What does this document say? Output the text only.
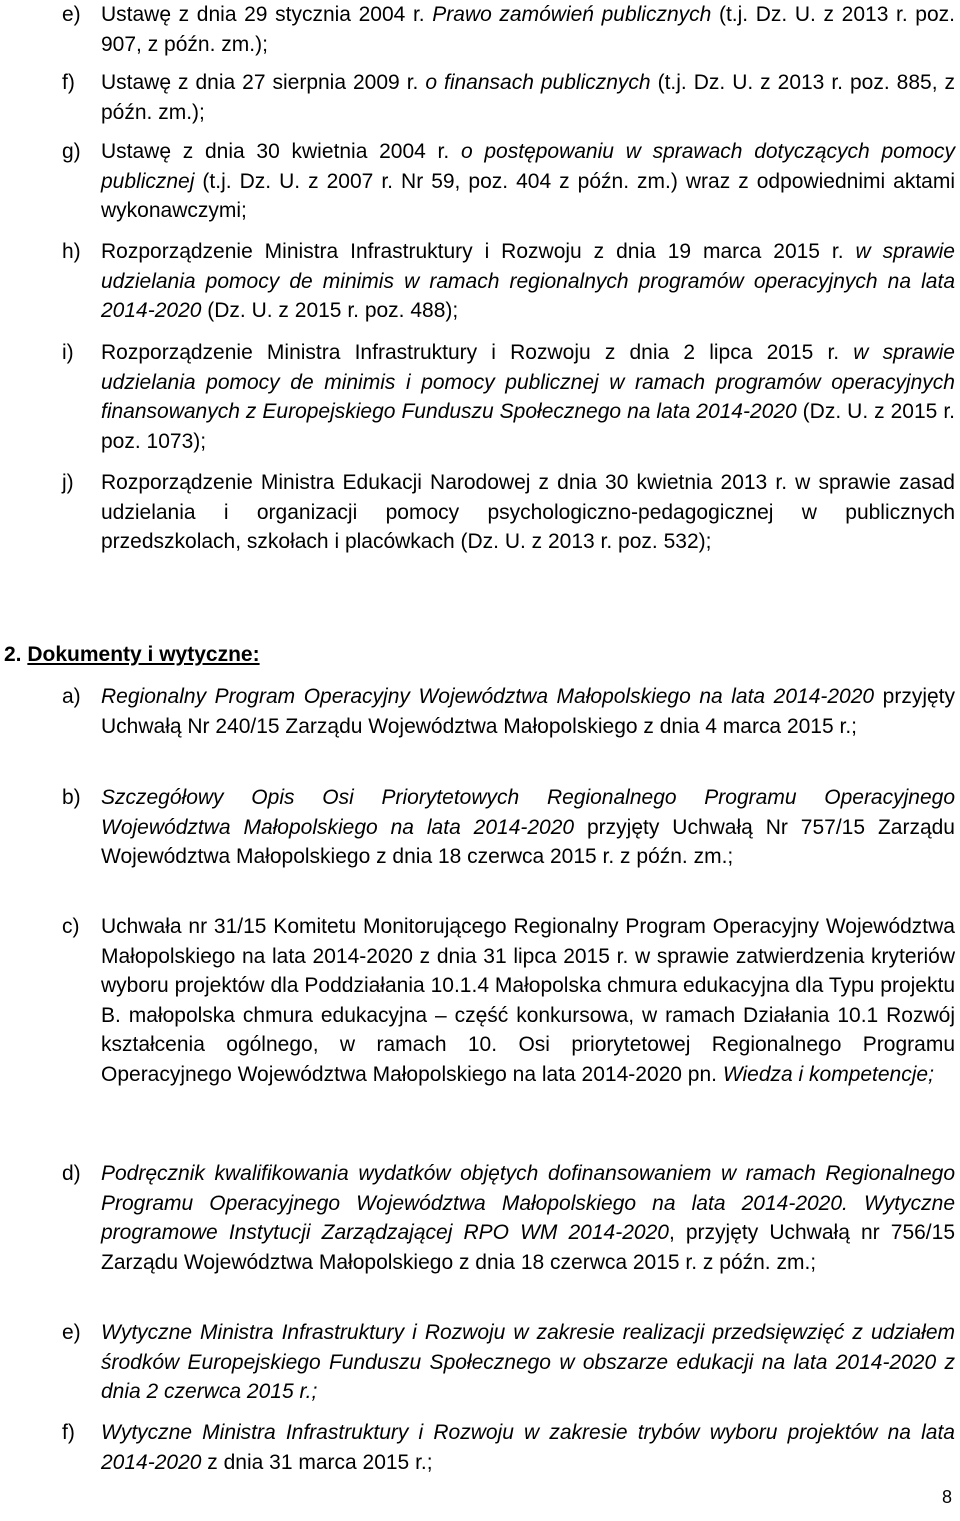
e) Ustawę z dnia 29 stycznia 2004 r. Prawo zamówień publicznych (t.j. Dz. U. z 2013 r. poz. 907, z późn. zm.);
f) Ustawę z dnia 27 sierpnia 2009 r. o finansach publicznych (t.j. Dz. U. z 2013 r. poz. 885, z późn. zm.);
g) Ustawę z dnia 30 kwietnia 2004 r. o postępowaniu w sprawach dotyczących pomocy publicznej (t.j. Dz. U. z 2007 r. Nr 59, poz. 404 z późn. zm.) wraz z odpowiednimi aktami wykonawczymi;
h) Rozporządzenie Ministra Infrastruktury i Rozwoju z dnia 19 marca 2015 r. w sprawie udzielania pomocy de minimis w ramach regionalnych programów operacyjnych na lata 2014-2020 (Dz. U. z 2015 r. poz. 488);
i) Rozporządzenie Ministra Infrastruktury i Rozwoju z dnia 2 lipca 2015 r. w sprawie udzielania pomocy de minimis i pomocy publicznej w ramach programów operacyjnych finansowanych z Europejskiego Funduszu Społecznego na lata 2014-2020 (Dz. U. z 2015 r. poz. 1073);
j) Rozporządzenie Ministra Edukacji Narodowej z dnia 30 kwietnia 2013 r. w sprawie zasad udzielania i organizacji pomocy psychologiczno-pedagogicznej w publicznych przedszkolach, szkołach i placówkach (Dz. U. z 2013 r. poz. 532);
2. Dokumenty i wytyczne:
a) Regionalny Program Operacyjny Województwa Małopolskiego na lata 2014-2020 przyjęty Uchwałą Nr 240/15 Zarządu Województwa Małopolskiego z dnia 4 marca 2015 r.;
b) Szczegółowy Opis Osi Priorytetowych Regionalnego Programu Operacyjnego Województwa Małopolskiego na lata 2014-2020 przyjęty Uchwałą Nr 757/15 Zarządu Województwa Małopolskiego z dnia 18 czerwca 2015 r. z późn. zm.;
c) Uchwała nr 31/15 Komitetu Monitorującego Regionalny Program Operacyjny Województwa Małopolskiego na lata 2014-2020 z dnia 31 lipca 2015 r. w sprawie zatwierdzenia kryteriów wyboru projektów dla Poddziałania 10.1.4 Małopolska chmura edukacyjna dla Typu projektu B. małopolska chmura edukacyjna – część konkursowa, w ramach Działania 10.1 Rozwój kształcenia ogólnego, w ramach 10. Osi priorytetowej Regionalnego Programu Operacyjnego Województwa Małopolskiego na lata 2014-2020 pn. Wiedza i kompetencje;
d) Podręcznik kwalifikowania wydatków objętych dofinansowaniem w ramach Regionalnego Programu Operacyjnego Województwa Małopolskiego na lata 2014-2020. Wytyczne programowe Instytucji Zarządzającej RPO WM 2014-2020, przyjęty Uchwałą nr 756/15 Zarządu Województwa Małopolskiego z dnia 18 czerwca 2015 r. z późn. zm.;
e) Wytyczne Ministra Infrastruktury i Rozwoju w zakresie realizacji przedsięwzięć z udziałem środków Europejskiego Funduszu Społecznego w obszarze edukacji na lata 2014-2020 z dnia 2 czerwca 2015 r.;
f) Wytyczne Ministra Infrastruktury i Rozwoju w zakresie trybów wyboru projektów na lata 2014-2020 z dnia 31 marca 2015 r.;
8
